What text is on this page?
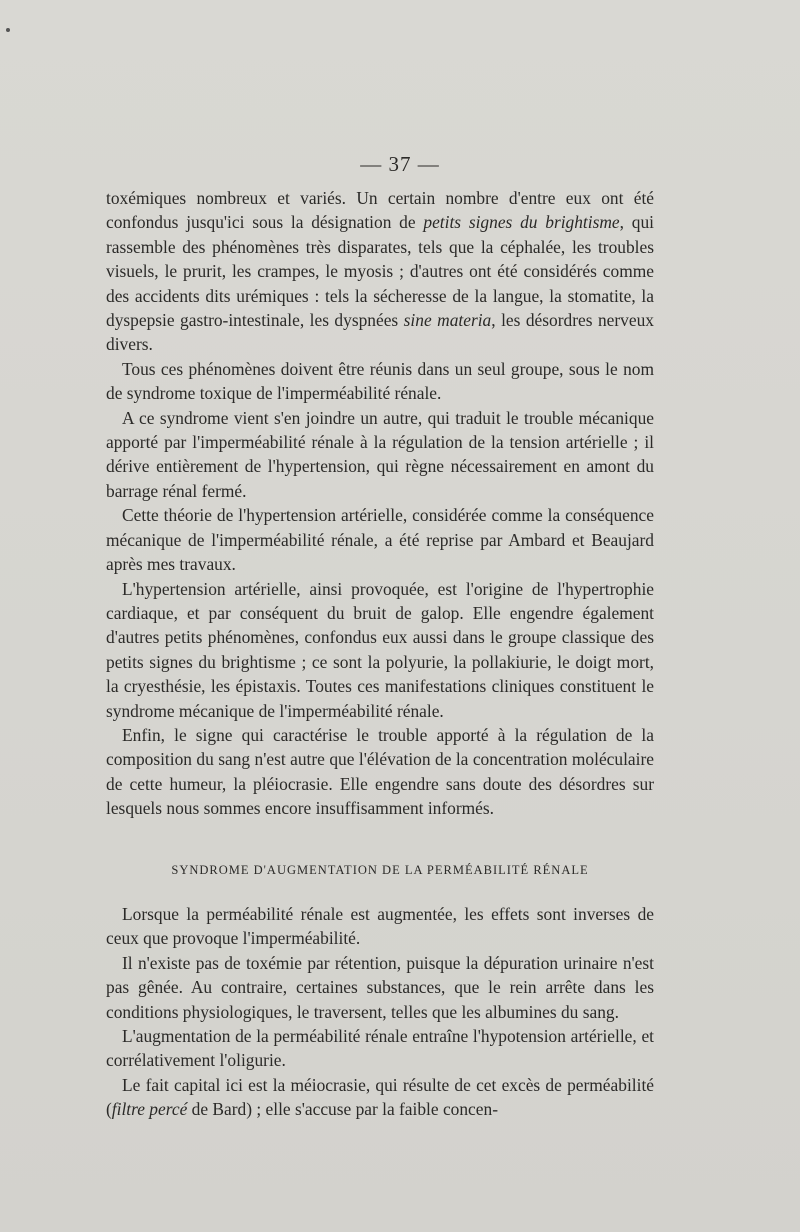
— 37 —

toxémiques nombreux et variés. Un certain nombre d'entre eux ont été confondus jusqu'ici sous la désignation de petits signes du brightisme, qui rassemble des phénomènes très disparates, tels que la céphalée, les troubles visuels, le prurit, les crampes, le myosis ; d'autres ont été considérés comme des accidents dits urémiques : tels la sécheresse de la langue, la stomatite, la dyspepsie gastro-intestinale, les dyspnées sine materia, les désordres nerveux divers.

Tous ces phénomènes doivent être réunis dans un seul groupe, sous le nom de syndrome toxique de l'imperméabilité rénale.

A ce syndrome vient s'en joindre un autre, qui traduit le trouble mécanique apporté par l'imperméabilité rénale à la régulation de la tension artérielle ; il dérive entièrement de l'hypertension, qui règne nécessairement en amont du barrage rénal fermé.

Cette théorie de l'hypertension artérielle, considérée comme la conséquence mécanique de l'imperméabilité rénale, a été reprise par Ambard et Beaujard après mes travaux.

L'hypertension artérielle, ainsi provoquée, est l'origine de l'hypertrophie cardiaque, et par conséquent du bruit de galop. Elle engendre également d'autres petits phénomènes, confondus eux aussi dans le groupe classique des petits signes du brightisme ; ce sont la polyurie, la pollakiurie, le doigt mort, la cryesthésie, les épistaxis. Toutes ces manifestations cliniques constituent le syndrome mécanique de l'imperméabilité rénale.

Enfin, le signe qui caractérise le trouble apporté à la régulation de la composition du sang n'est autre que l'élévation de la concentration moléculaire de cette humeur, la pléiocrasie. Elle engendre sans doute des désordres sur lesquels nous sommes encore insuffisamment informés.

SYNDROME D'AUGMENTATION DE LA PERMÉABILITÉ RÉNALE

Lorsque la perméabilité rénale est augmentée, les effets sont inverses de ceux que provoque l'imperméabilité.

Il n'existe pas de toxémie par rétention, puisque la dépuration urinaire n'est pas gênée. Au contraire, certaines substances, que le rein arrête dans les conditions physiologiques, le traversent, telles que les albumines du sang.

L'augmentation de la perméabilité rénale entraîne l'hypotension artérielle, et corrélativement l'oligurie.

Le fait capital ici est la méiocrasie, qui résulte de cet excès de perméabilité (filtre percé de Bard) ; elle s'accuse par la faible concen-
